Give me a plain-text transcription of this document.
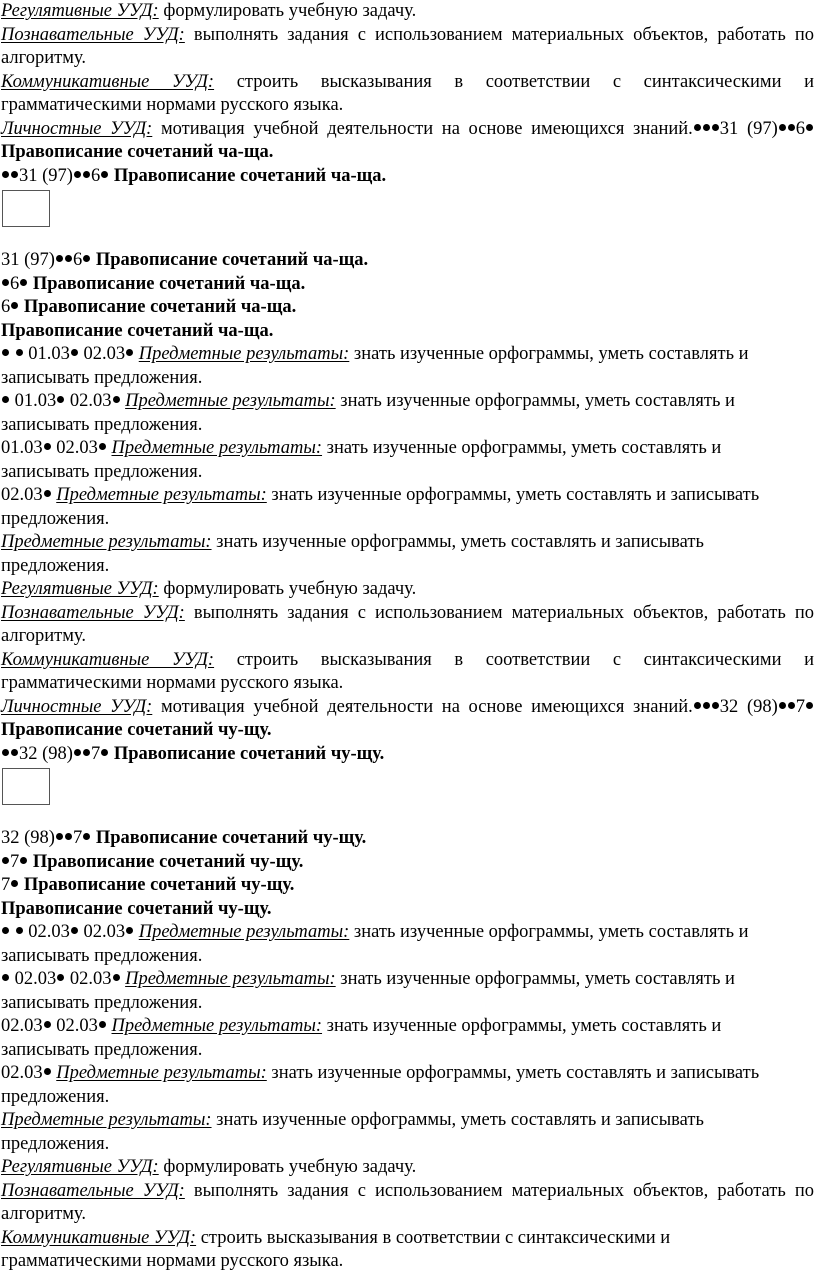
Регулятивные УУД: формулировать учебную задачу.

Познавательные УУД: выполнять задания с использованием материальных объектов, работать по алгоритму.

Коммуникативные УУД: строить высказывания в соответствии с синтаксическими и грамматическими нормами русского языка.

Личностные УУД: мотивация учебной деятельности на основе имеющихся знаний. 31 (97) 6 Правописание сочетаний ча-ща.

31 (97) 6 Правописание сочетаний ча-ща.

31 (97) 6 Правописание сочетаний ча-ща.

6 Правописание сочетаний ча-ща.

6 Правописание сочетаний ча-ща.

Правописание сочетаний ча-ща.

01.03 02.03 Предметные результаты: знать изученные орфограммы, уметь составлять и записывать предложения.

01.03 02.03 Предметные результаты: знать изученные орфограммы, уметь составлять и записывать предложения.

01.03 02.03 Предметные результаты: знать изученные орфограммы, уметь составлять и записывать предложения.

02.03 Предметные результаты: знать изученные орфограммы, уметь составлять и записывать предложения.

Предметные результаты: знать изученные орфограммы, уметь составлять и записывать предложения.

Регулятивные УУД: формулировать учебную задачу.

Познавательные УУД: выполнять задания с использованием материальных объектов, работать по алгоритму.

Коммуникативные УУД: строить высказывания в соответствии с синтаксическими и грамматическими нормами русского языка.

Личностные УУД: мотивация учебной деятельности на основе имеющихся знаний. 32 (98) 7 Правописание сочетаний чу-щу.

32 (98) 7 Правописание сочетаний чу-щу.

32 (98) 7 Правописание сочетаний чу-щу.

7 Правописание сочетаний чу-щу.

7 Правописание сочетаний чу-щу.

Правописание сочетаний чу-щу.

02.03 02.03 Предметные результаты: знать изученные орфограммы, уметь составлять и записывать предложения.

02.03 02.03 Предметные результаты: знать изученные орфограммы, уметь составлять и записывать предложения.

02.03 02.03 Предметные результаты: знать изученные орфограммы, уметь составлять и записывать предложения.

02.03 Предметные результаты: знать изученные орфограммы, уметь составлять и записывать предложения.

Предметные результаты: знать изученные орфограммы, уметь составлять и записывать предложения.

Регулятивные УУД: формулировать учебную задачу.

Познавательные УУД: выполнять задания с использованием материальных объектов, работать по алгоритму.

Коммуникативные УУД: строить высказывания в соответствии с синтаксическими и грамматическими нормами русского языка.
